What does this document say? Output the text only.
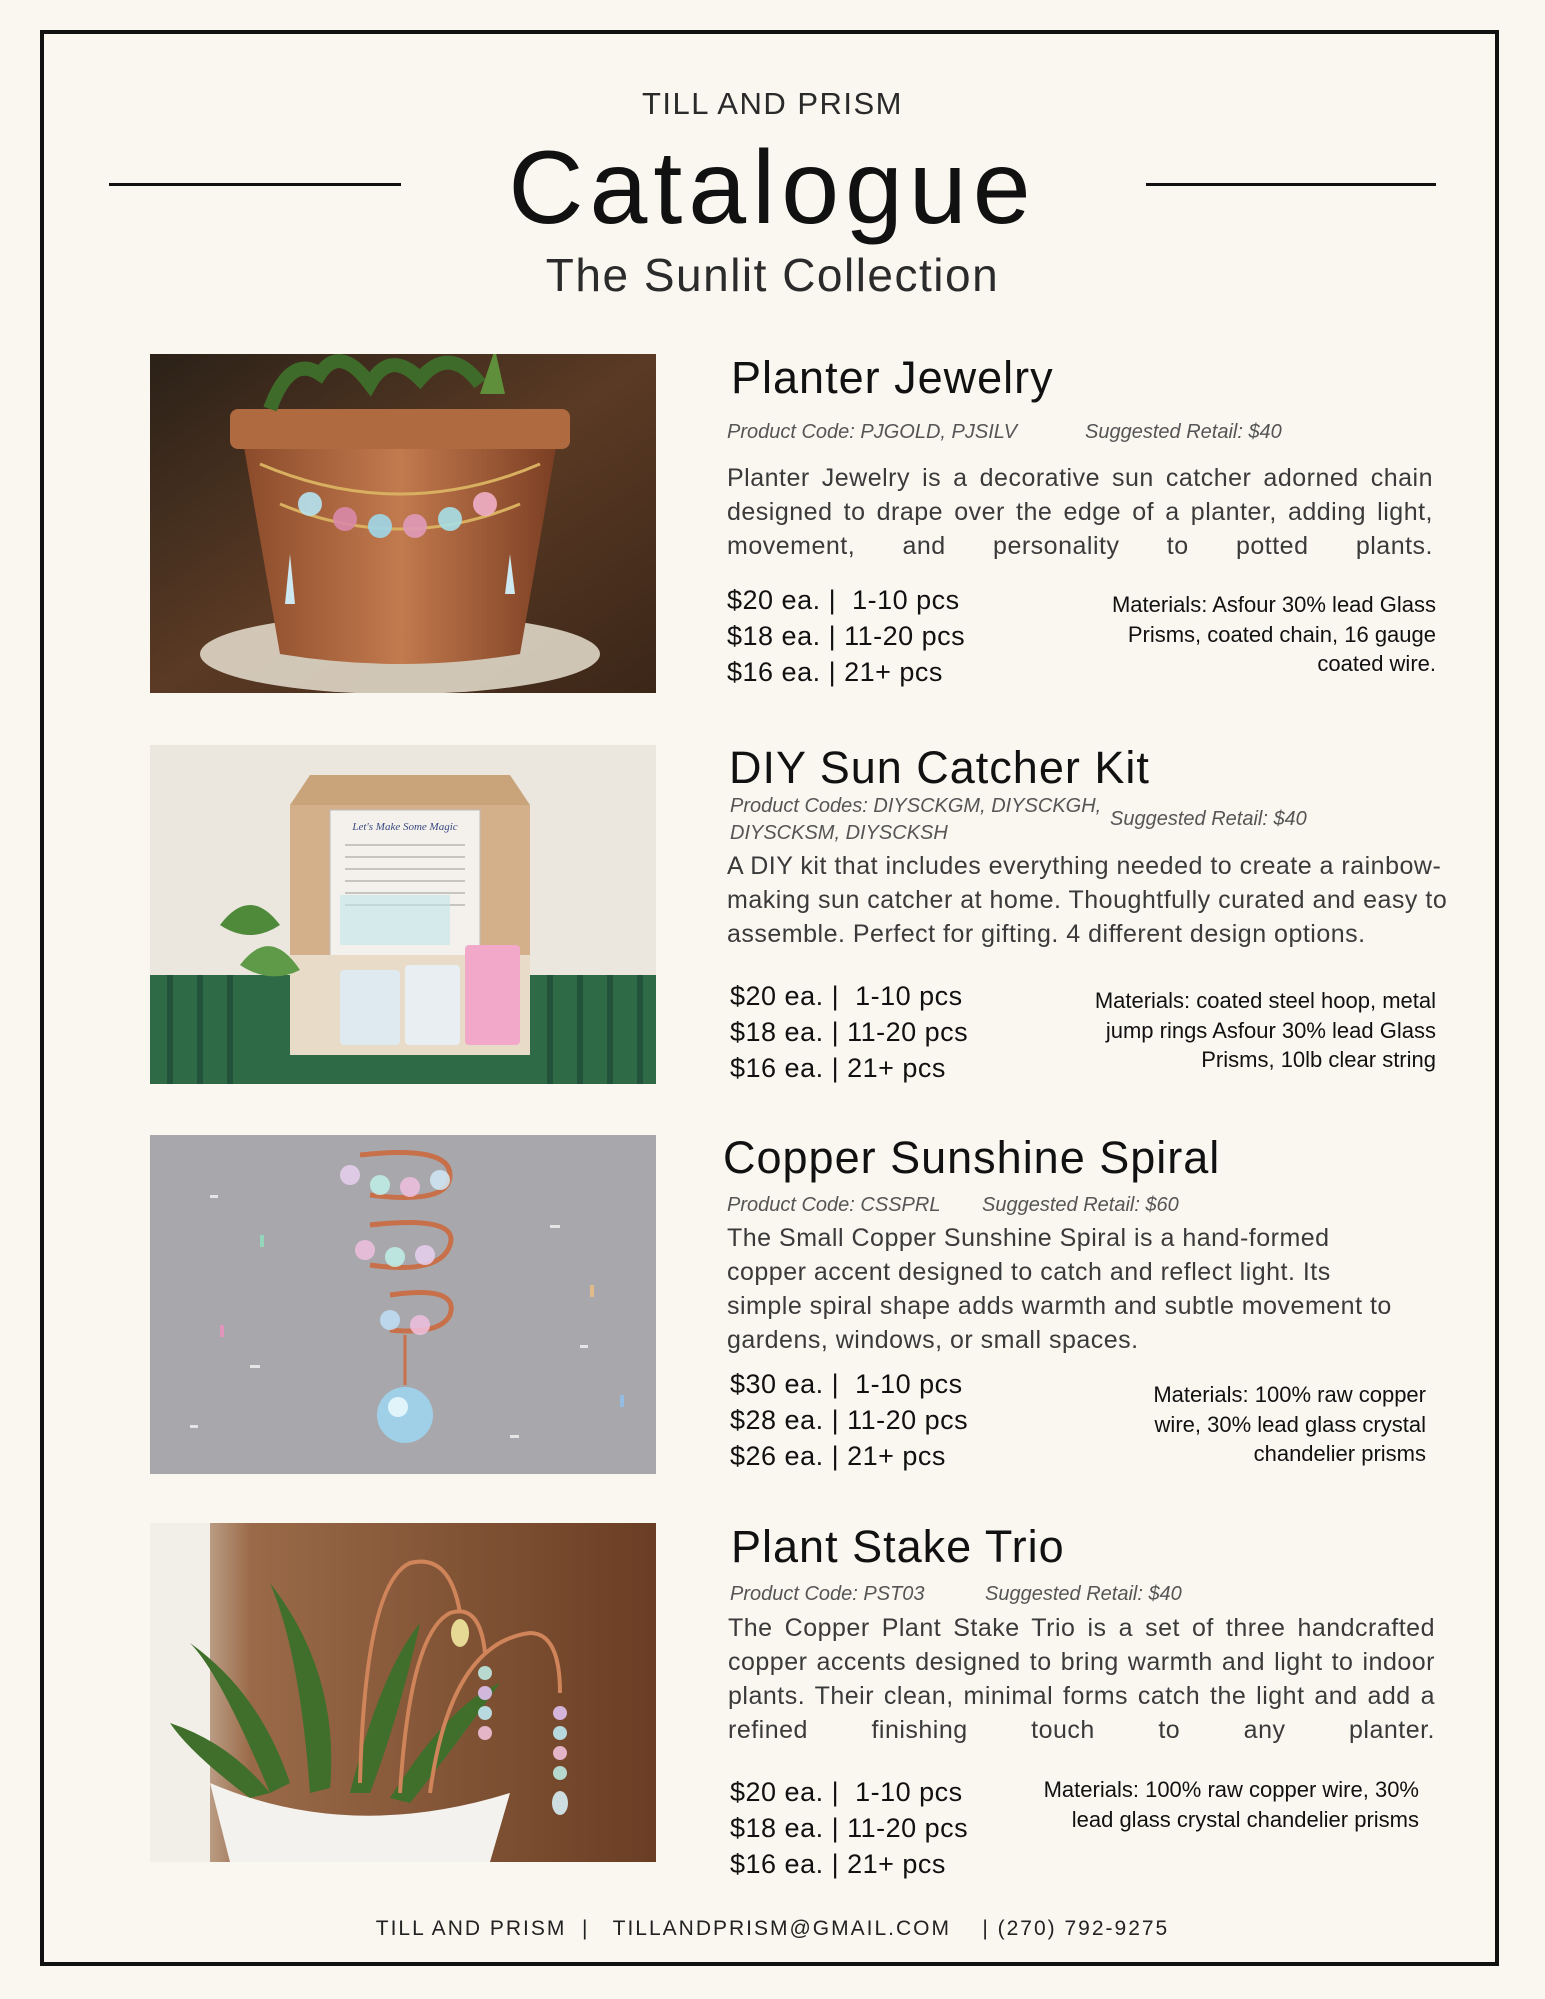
TILL AND PRISM
Catalogue
The Sunlit Collection
Planter Jewelry
Product Code: PJGOLD, PJSILV	Suggested Retail: $40
Planter Jewelry is a decorative sun catcher adorned chain designed to drape over the edge of a planter, adding light, movement, and personality to potted plants.
$20 ea. |  1-10 pcs
$18 ea. | 11-20 pcs
$16 ea. | 21+ pcs
Materials: Asfour 30% lead Glass Prisms, coated chain, 16 gauge coated wire.
Let's Make Some Magic
DIY Sun Catcher Kit
Product Codes: DIYSCKGM, DIYSCKGH, DIYSCKSM, DIYSCKSH
Suggested Retail: $40
A DIY kit that includes everything needed to create a rainbow-making sun catcher at home. Thoughtfully curated and easy to assemble. Perfect for gifting. 4 different design options.
$20 ea. |  1-10 pcs
$18 ea. | 11-20 pcs
$16 ea. | 21+ pcs
Materials: coated steel hoop, metal jump rings Asfour 30% lead Glass Prisms, 10lb clear string
Copper Sunshine Spiral
Product Code: CSSPRL Suggested Retail: $60
The Small Copper Sunshine Spiral is a hand-formed copper accent designed to catch and reflect light. Its simple spiral shape adds warmth and subtle movement to gardens, windows, or small spaces.
$30 ea. |  1-10 pcs
$28 ea. | 11-20 pcs
$26 ea. | 21+ pcs
Materials: 100% raw copper wire, 30% lead glass crystal chandelier prisms
Plant Stake Trio
Product Code: PST03	Suggested Retail: $40
The Copper Plant Stake Trio is a set of three handcrafted copper accents designed to bring warmth and light to indoor plants. Their clean, minimal forms catch the light and add a refined finishing touch to any planter.
$20 ea. |  1-10 pcs
$18 ea. | 11-20 pcs
$16 ea. | 21+ pcs
Materials: 100% raw copper wire, 30% lead glass crystal chandelier prisms
TILL AND PRISM  |   TILLANDPRISM@GMAIL.COM    | (270) 792-9275
